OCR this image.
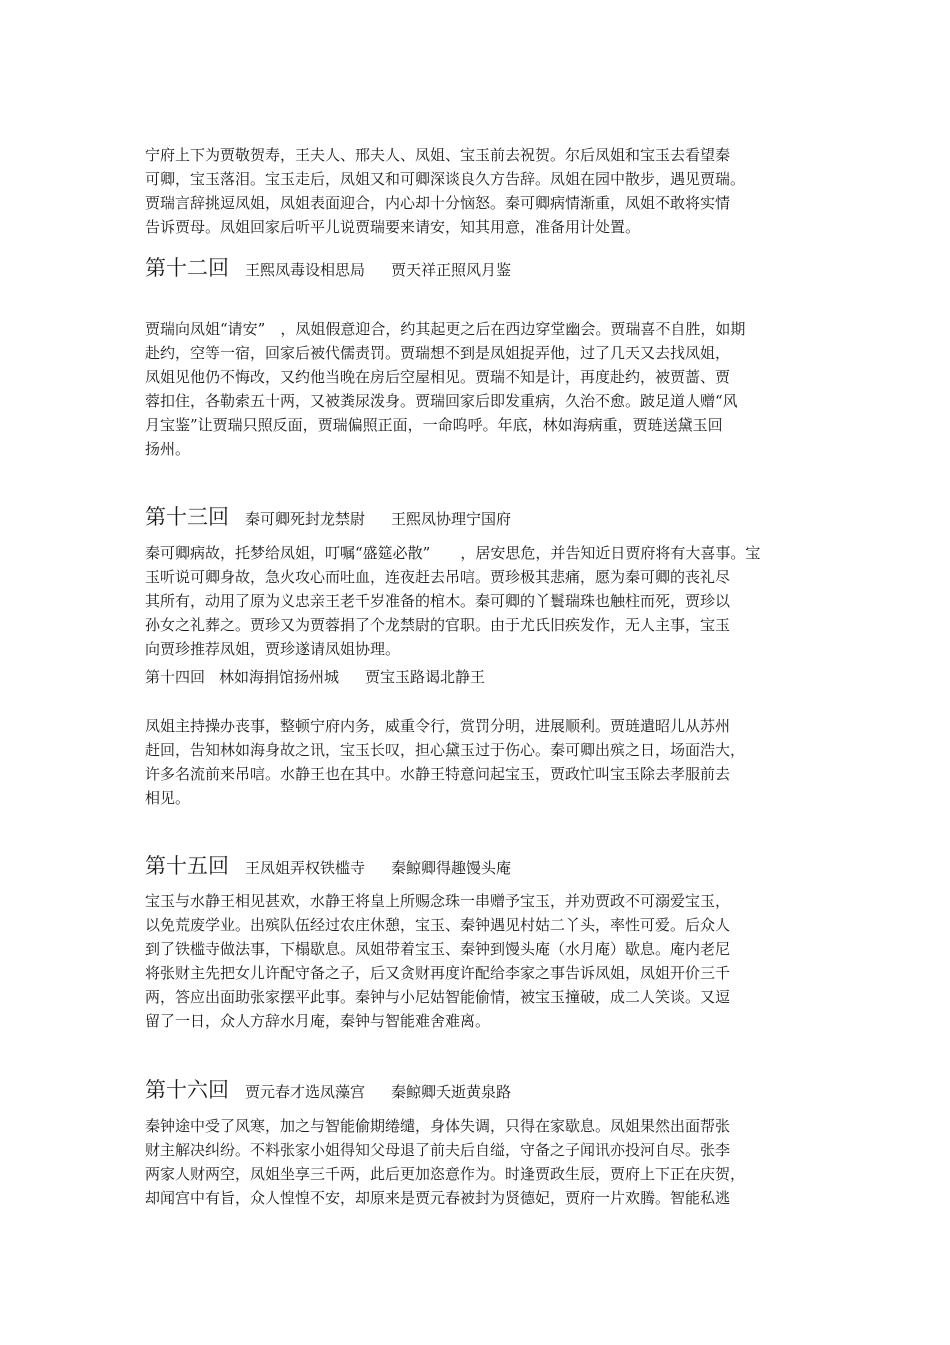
宁府上下为贾敬贺寿，王夫人、邢夫人、凤姐、宝玉前去祝贺。尔后凤姐和宝玉去看望秦
可卿，宝玉落泪。宝玉走后，凤姐又和可卿深谈良久方告辞。凤姐在园中散步，遇见贾瑞。
贾瑞言辞挑逗凤姐，凤姐表面迎合，内心却十分恼怒。秦可卿病情渐重，凤姐不敢将实情
告诉贾母。凤姐回家后听平儿说贾瑞要来请安，知其用意，准备用计处置。
第十二回 王熙凤毒设相思局 贾天祥正照风月鉴
贾瑞向凤姐“请安”　，凤姐假意迎合，约其起更之后在西边穿堂幽会。贾瑞喜不自胜，如期
赴约，空等一宿，回家后被代儒责罚。贾瑞想不到是凤姐捉弄他，过了几天又去找凤姐，
凤姐见他仍不悔改，又约他当晚在房后空屋相见。贾瑞不知是计，再度赴约，被贾蔷、贾
蓉扣住，各勒索五十两，又被粪尿泼身。贾瑞回家后即发重病，久治不愈。跛足道人赠“风
月宝鉴”让贾瑞只照反面，贾瑞偏照正面，一命呜呼。年底，林如海病重，贾琏送黛玉回
扬州。
第十三回 秦可卿死封龙禁尉 王熙凤协理宁国府
秦可卿病故，托梦给凤姐，叮嘱“盛筵必散”　　，居安思危，并告知近日贾府将有大喜事。宝
玉听说可卿身故，急火攻心而吐血，连夜赶去吊唁。贾珍极其悲痛，愿为秦可卿的丧礼尽
其所有，动用了原为义忠亲王老千岁准备的棺木。秦可卿的丫鬟瑞珠也触柱而死，贾珍以
孙女之礼葬之。贾珍又为贾蓉捐了个龙禁尉的官职。由于尤氏旧疾发作，无人主事，宝玉
向贾珍推荐凤姐，贾珍遂请凤姐协理。
第十四回 林如海捐馆扬州城 贾宝玉路谒北静王
凤姐主持操办丧事，整顿宁府内务，威重令行，赏罚分明，进展顺利。贾琏遣昭儿从苏州
赶回，告知林如海身故之讯，宝玉长叹，担心黛玉过于伤心。秦可卿出殡之日，场面浩大，
许多名流前来吊唁。水静王也在其中。水静王特意问起宝玉，贾政忙叫宝玉除去孝服前去
相见。
第十五回 王凤姐弄权铁槛寺 秦鲸卿得趣馒头庵
宝玉与水静王相见甚欢，水静王将皇上所赐念珠一串赠予宝玉，并劝贾政不可溺爱宝玉，
以免荒废学业。出殡队伍经过农庄休憩，宝玉、秦钟遇见村姑二丫头，率性可爱。后众人
到了铁槛寺做法事，下榻歇息。凤姐带着宝玉、秦钟到馒头庵（水月庵）歇息。庵内老尼
将张财主先把女儿许配守备之子，后又贪财再度许配给李家之事告诉凤姐，凤姐开价三千
两，答应出面助张家摆平此事。秦钟与小尼姑智能偷情，被宝玉撞破，成二人笑谈。又逗
留了一日，众人方辞水月庵，秦钟与智能难舍难离。
第十六回 贾元春才选凤藻宫 秦鲸卿夭逝黄泉路
秦钟途中受了风寒，加之与智能偷期绻缱，身体失调，只得在家歇息。凤姐果然出面帮张
财主解决纠纷。不料张家小姐得知父母退了前夫后自缢，守备之子闻讯亦投河自尽。张李
两家人财两空，凤姐坐享三千两，此后更加恣意作为。时逢贾政生辰，贾府上下正在庆贺，
却闻宫中有旨，众人惶惶不安，却原来是贾元春被封为贤德妃，贾府一片欢腾。智能私逃
